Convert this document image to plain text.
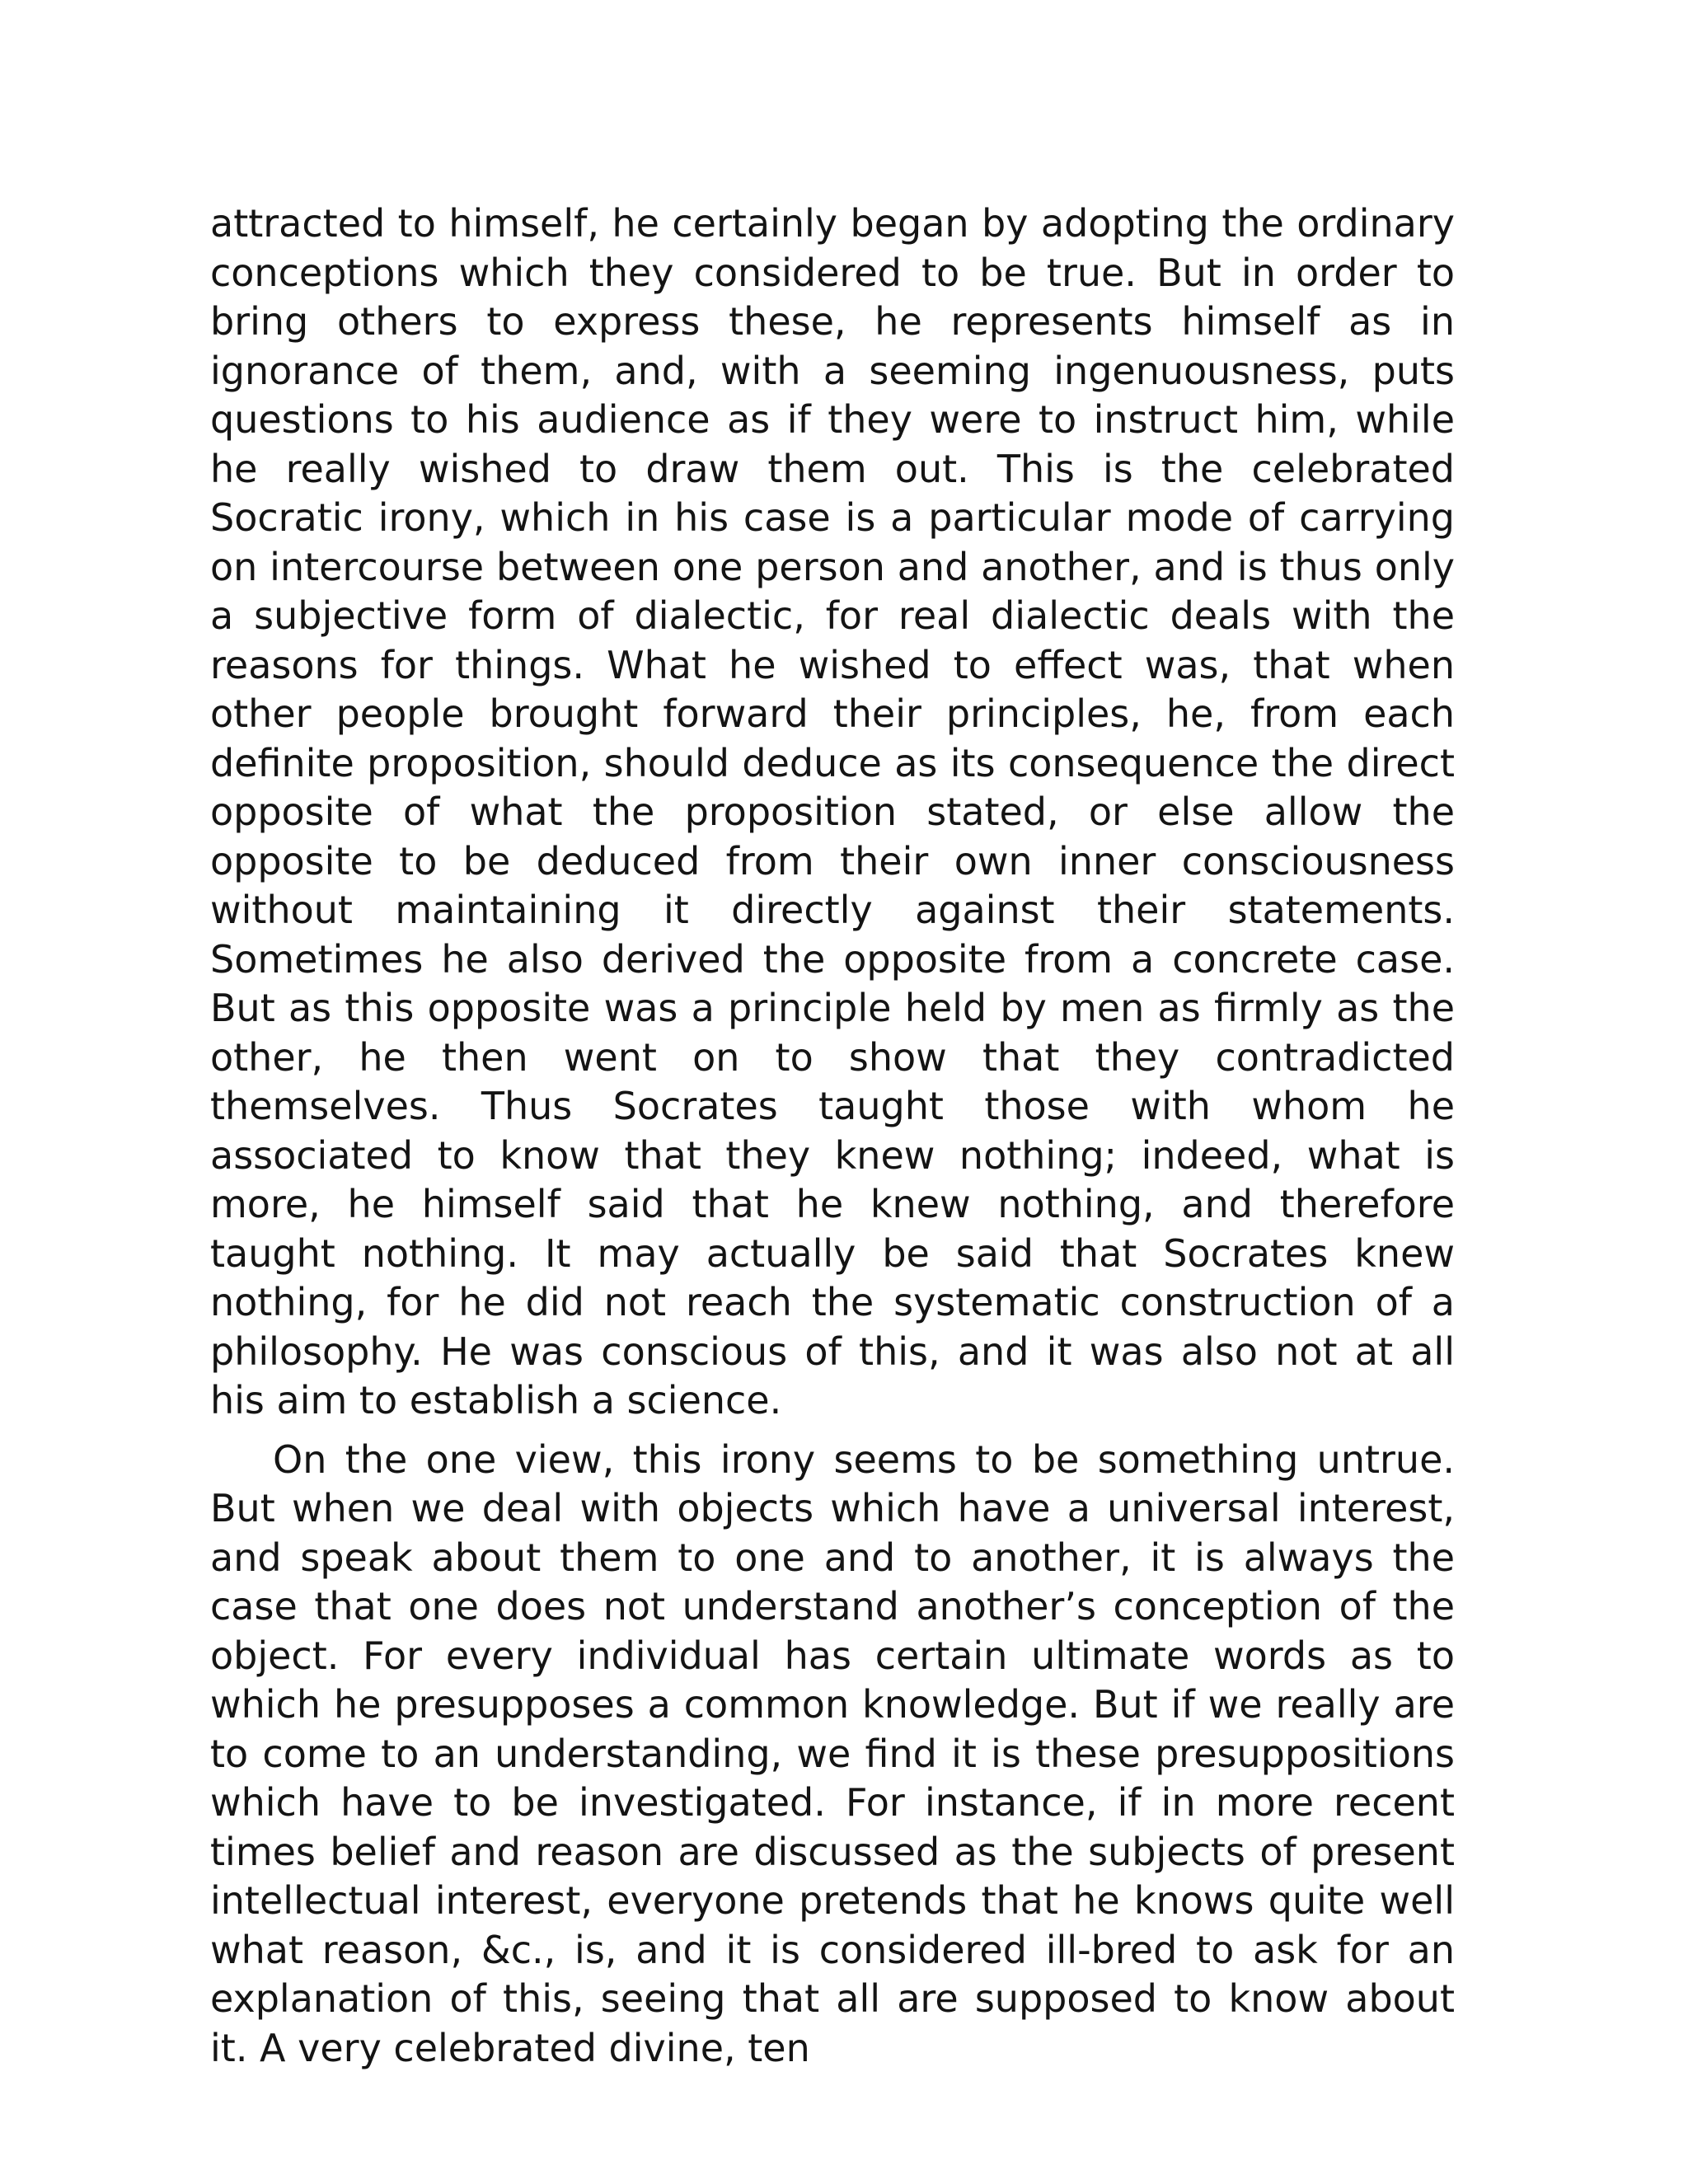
attracted to himself, he certainly began by adopting the ordinary conceptions which they considered to be true. But in order to bring others to express these, he represents himself as in ignorance of them, and, with a seeming ingenuousness, puts questions to his audience as if they were to instruct him, while he really wished to draw them out. This is the celebrated Socratic irony, which in his case is a particular mode of carrying on intercourse between one person and another, and is thus only a subjective form of dialectic, for real dialectic deals with the reasons for things. What he wished to effect was, that when other people brought forward their principles, he, from each definite proposition, should deduce as its consequence the direct opposite of what the proposition stated, or else allow the opposite to be deduced from their own inner consciousness without maintaining it directly against their statements. Sometimes he also derived the opposite from a concrete case. But as this opposite was a principle held by men as firmly as the other, he then went on to show that they contradicted themselves. Thus Socrates taught those with whom he associated to know that they knew nothing; indeed, what is more, he himself said that he knew nothing, and therefore taught nothing. It may actually be said that Socrates knew nothing, for he did not reach the systematic construction of a philosophy. He was conscious of this, and it was also not at all his aim to establish a science.

On the one view, this irony seems to be something untrue. But when we deal with objects which have a universal interest, and speak about them to one and to another, it is always the case that one does not understand another’s conception of the object. For every individual has certain ultimate words as to which he presupposes a common knowledge. But if we really are to come to an understanding, we find it is these presuppositions which have to be investigated. For instance, if in more recent times belief and reason are discussed as the subjects of present intellectual interest, everyone pretends that he knows quite well what reason, &c., is, and it is considered ill-bred to ask for an explanation of this, seeing that all are supposed to know about it. A very celebrated divine, ten
